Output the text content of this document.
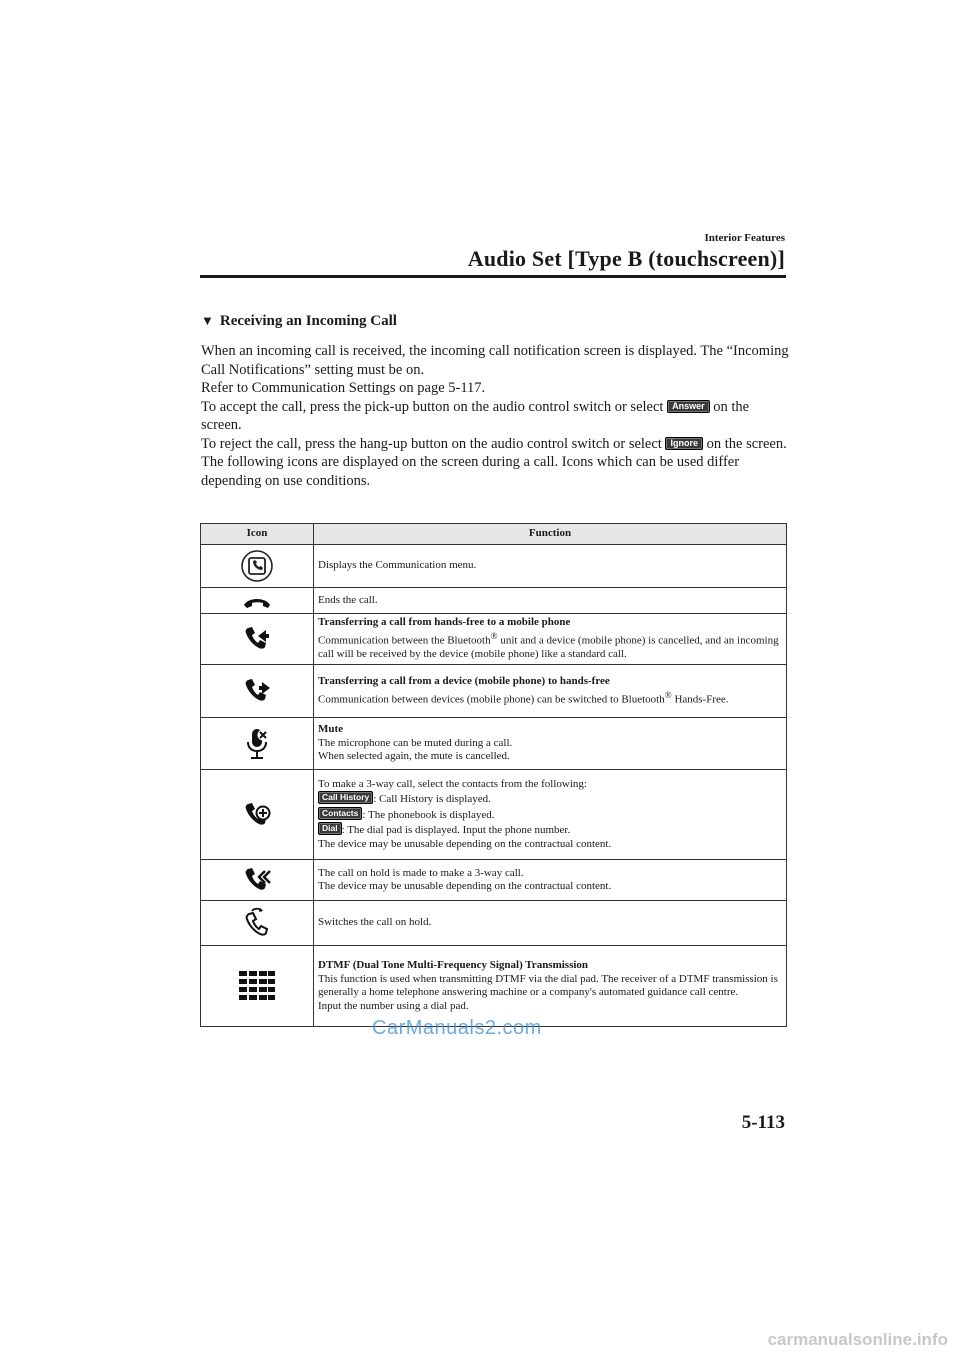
Interior Features
Audio Set [Type B (touchscreen)]
▼ Receiving an Incoming Call

When an incoming call is received, the incoming call notification screen is displayed. The “Incoming Call Notifications” setting must be on.

Refer to Communication Settings on page 5-117.

To accept the call, press the pick-up button on the audio control switch or select Answer on the screen.

To reject the call, press the hang-up button on the audio control switch or select Ignore on the screen.

The following icons are displayed on the screen during a call. Icons which can be used differ depending on use conditions.

Icon	Function

	Displays the Communication menu.

	Ends the call.

Transferring a call from hands-free to a mobile phone
Communication between the Bluetooth® unit and a device (mobile phone) is cancelled, and an incoming call will be received by the device (mobile phone) like a standard call.

Transferring a call from a device (mobile phone) to hands-free
Communication between devices (mobile phone) can be switched to Bluetooth® Hands-Free.

Mute
The microphone can be muted during a call.
When selected again, the mute is cancelled.

To make a 3-way call, select the contacts from the following:
Call History : Call History is displayed.
Contacts : The phonebook is displayed.
Dial : The dial pad is displayed. Input the phone number.
The device may be unusable depending on the contractual content.

The call on hold is made to make a 3-way call.
The device may be unusable depending on the contractual content.

	Switches the call on hold.

DTMF (Dual Tone Multi-Frequency Signal) Transmission
This function is used when transmitting DTMF via the dial pad. The receiver of a DTMF transmission is generally a home telephone answering machine or a company's automated guidance call centre.
Input the number using a dial pad.
CarManuals2.com
5-113
carmanualsonline.info
